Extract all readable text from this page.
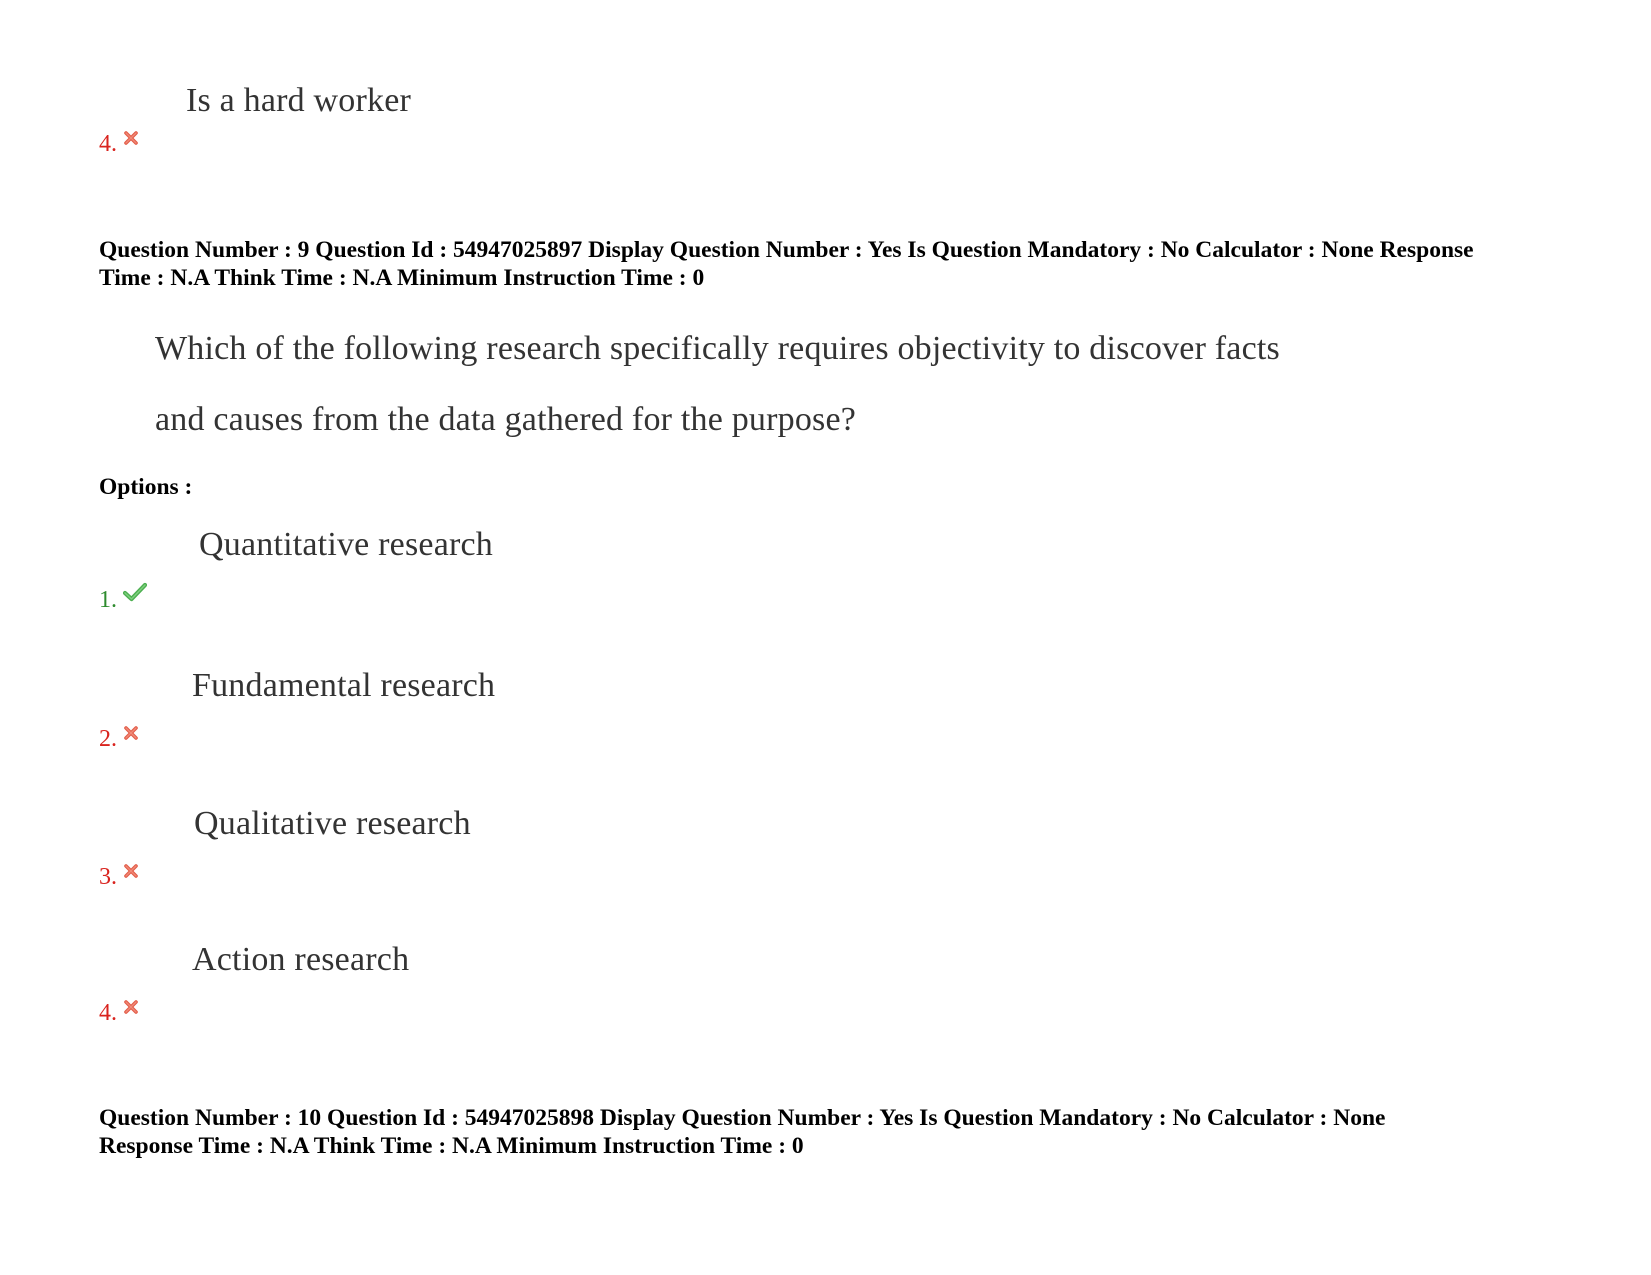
Is a hard worker
4.
Question Number : 9 Question Id : 54947025897 Display Question Number : Yes Is Question Mandatory : No Calculator : None Response
Time : N.A Think Time : N.A Minimum Instruction Time : 0
Which of the following research specifically requires objectivity to discover facts
and causes from the data gathered for the purpose?
Options :
Quantitative research
1.
Fundamental research
2.
Qualitative research
3.
Action research
4.
Question Number : 10 Question Id : 54947025898 Display Question Number : Yes Is Question Mandatory : No Calculator : None
Response Time : N.A Think Time : N.A Minimum Instruction Time : 0
